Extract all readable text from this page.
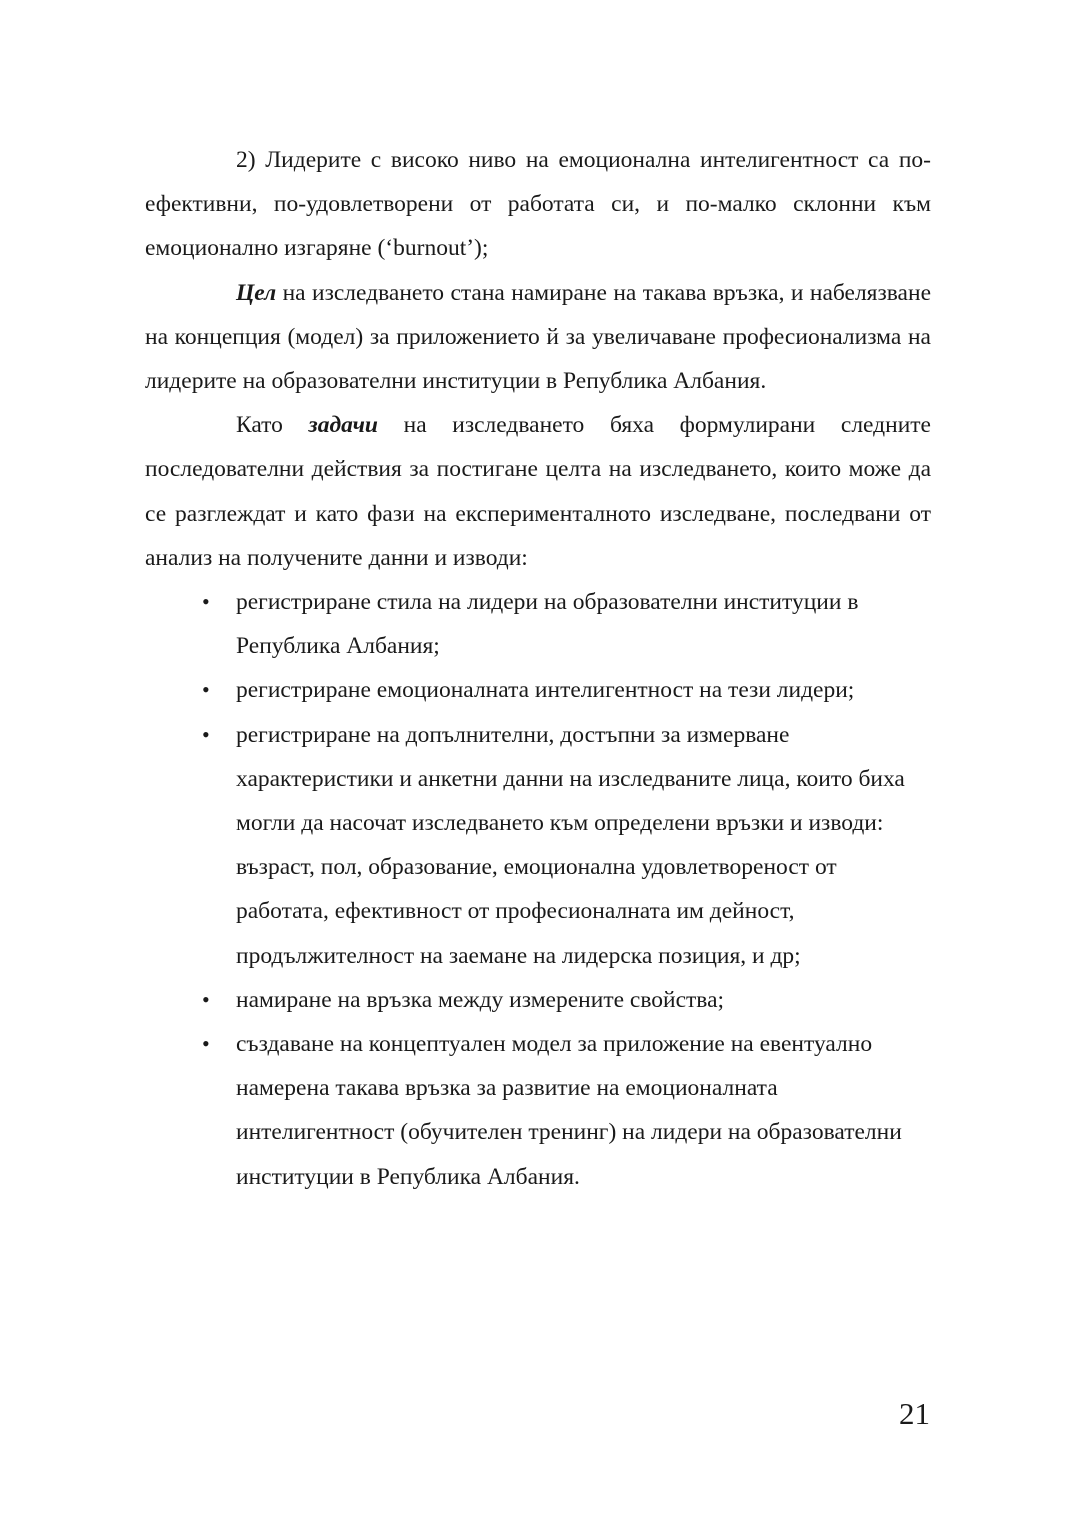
2) Лидерите с високо ниво на емоционална интелигентност са по-ефективни, по-удовлетворени от работата си, и по-малко склонни към емоционално изгаряне (‘burnout’);

Цел на изследването стана намиране на такава връзка, и набелязване на концепция (модел) за приложението й за увеличаване професионализма на лидерите на образователни институции в Република Албания.

Като задачи на изследването бяха формулирани следните последователни действия за постигане целта на изследването, които може да се разглеждат и като фази на експерименталното изследване, последвани от анализ на получените данни и изводи:

• регистриране стила на лидери на образователни институции в Република Албания;
• регистриране емоционалната интелигентност на тези лидери;
• регистриране на допълнителни, достъпни за измерване характеристики и анкетни данни на изследваните лица, които биха могли да насочат изследването към определени връзки и изводи: възраст, пол, образование, емоционална удовлетвореност от работата, ефективност от професионалната им дейност, продължителност на заемане на лидерска позиция, и др;
• намиране на връзка между измерените свойства;
• създаване на концептуален модел за приложение на евентуално намерена такава връзка за развитие на емоционалната интелигентност (обучителен тренинг) на лидери на образователни институции в Република Албания.
21
